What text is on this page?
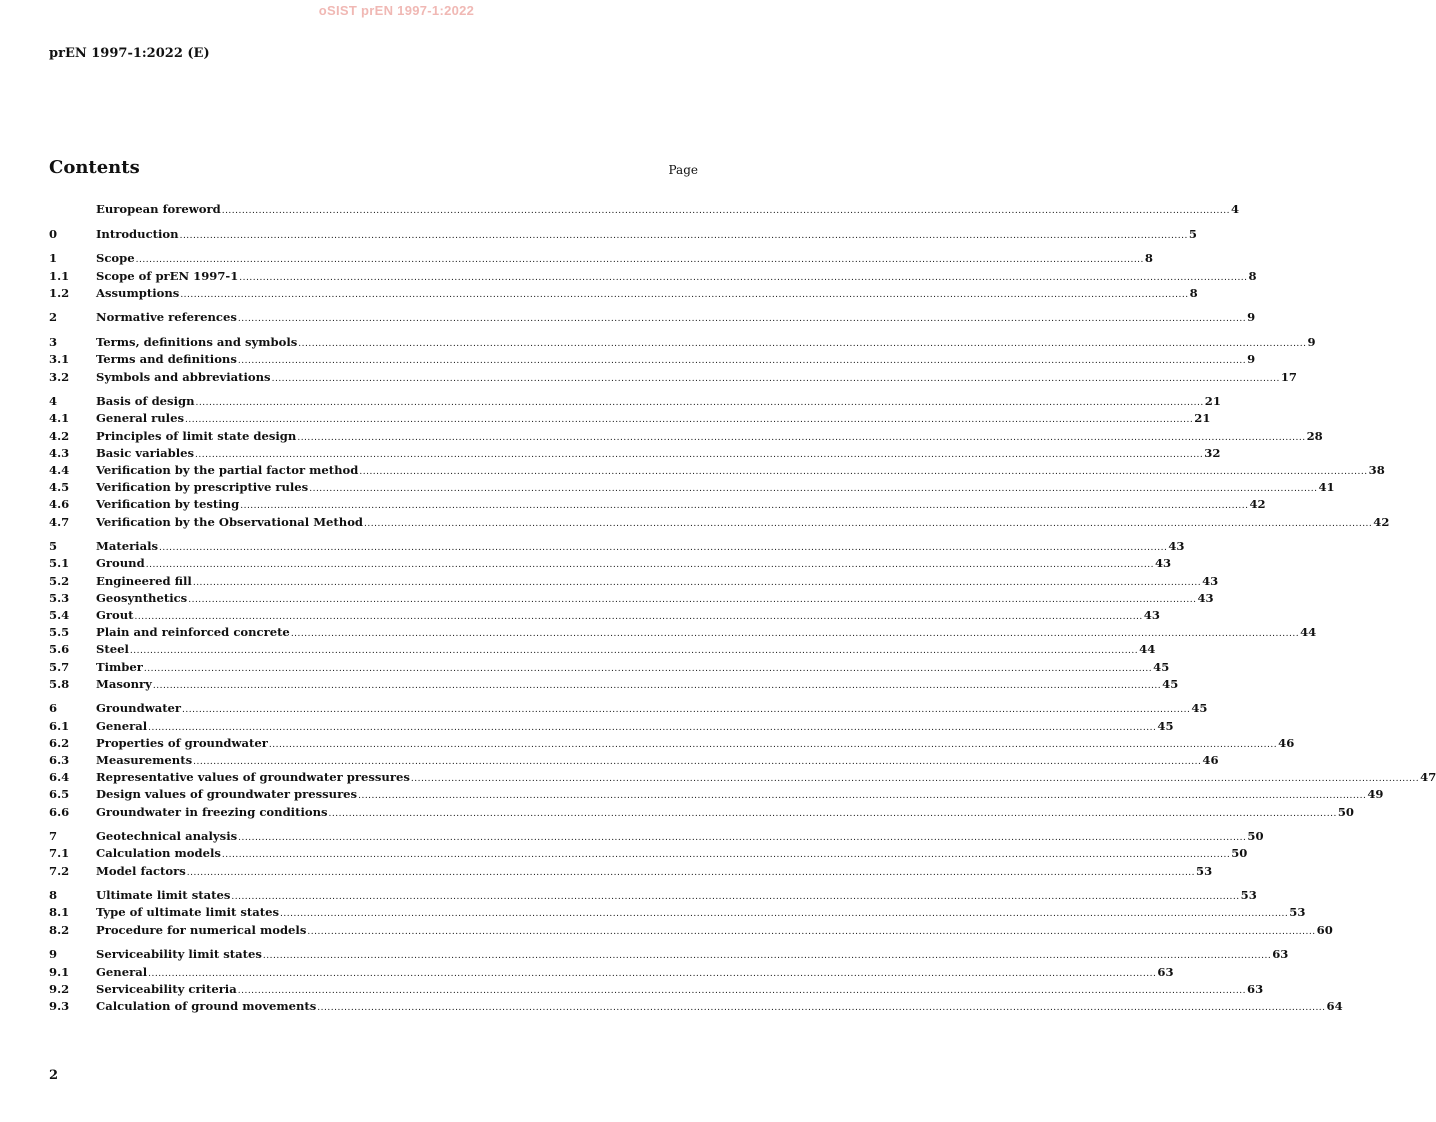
oSIST prEN 1997-1:2022
prEN 1997-1:2022 (E)
Contents	Page
European foreword ............................................................................................................................................................................................................................................................................................................ 4
0	Introduction ............................................................................................................................................................................................................................................................................................................ 5
1	Scope ............................................................................................................................................................................................................................................................................................................ 8
1.1	Scope of prEN 1997-1 ............................................................................................................................................................................................................................................................................................................ 8
1.2	Assumptions ............................................................................................................................................................................................................................................................................................................ 8
2	Normative references ............................................................................................................................................................................................................................................................................................................ 9
3	Terms, definitions and symbols ............................................................................................................................................................................................................................................................................................................ 9
3.1	Terms and definitions ............................................................................................................................................................................................................................................................................................................ 9
3.2	Symbols and abbreviations ............................................................................................................................................................................................................................................................................................................ 17
4	Basis of design ............................................................................................................................................................................................................................................................................................................ 21
4.1	General rules ............................................................................................................................................................................................................................................................................................................ 21
4.2	Principles of limit state design ............................................................................................................................................................................................................................................................................................................ 28
4.3	Basic variables ............................................................................................................................................................................................................................................................................................................ 32
4.4	Verification by the partial factor method ............................................................................................................................................................................................................................................................................................................ 38
4.5	Verification by prescriptive rules ............................................................................................................................................................................................................................................................................................................ 41
4.6	Verification by testing ............................................................................................................................................................................................................................................................................................................ 42
4.7	Verification by the Observational Method ............................................................................................................................................................................................................................................................................................................ 42
5	Materials ............................................................................................................................................................................................................................................................................................................ 43
5.1	Ground ............................................................................................................................................................................................................................................................................................................ 43
5.2	Engineered fill ............................................................................................................................................................................................................................................................................................................ 43
5.3	Geosynthetics ............................................................................................................................................................................................................................................................................................................ 43
5.4	Grout ............................................................................................................................................................................................................................................................................................................ 43
5.5	Plain and reinforced concrete ............................................................................................................................................................................................................................................................................................................ 44
5.6	Steel ............................................................................................................................................................................................................................................................................................................ 44
5.7	Timber ............................................................................................................................................................................................................................................................................................................ 45
5.8	Masonry ............................................................................................................................................................................................................................................................................................................ 45
6	Groundwater ............................................................................................................................................................................................................................................................................................................ 45
6.1	General ............................................................................................................................................................................................................................................................................................................ 45
6.2	Properties of groundwater ............................................................................................................................................................................................................................................................................................................ 46
6.3	Measurements ............................................................................................................................................................................................................................................................................................................ 46
6.4	Representative values of groundwater pressures ............................................................................................................................................................................................................................................................................................................ 47
6.5	Design values of groundwater pressures ............................................................................................................................................................................................................................................................................................................ 49
6.6	Groundwater in freezing conditions ............................................................................................................................................................................................................................................................................................................ 50
7	Geotechnical analysis ............................................................................................................................................................................................................................................................................................................ 50
7.1	Calculation models ............................................................................................................................................................................................................................................................................................................ 50
7.2	Model factors ............................................................................................................................................................................................................................................................................................................ 53
8	Ultimate limit states ............................................................................................................................................................................................................................................................................................................ 53
8.1	Type of ultimate limit states ............................................................................................................................................................................................................................................................................................................ 53
8.2	Procedure for numerical models ............................................................................................................................................................................................................................................................................................................ 60
9	Serviceability limit states ............................................................................................................................................................................................................................................................................................................ 63
9.1	General ............................................................................................................................................................................................................................................................................................................ 63
9.2	Serviceability criteria ............................................................................................................................................................................................................................................................................................................ 63
9.3	Calculation of ground movements ............................................................................................................................................................................................................................................................................................................ 64
2
